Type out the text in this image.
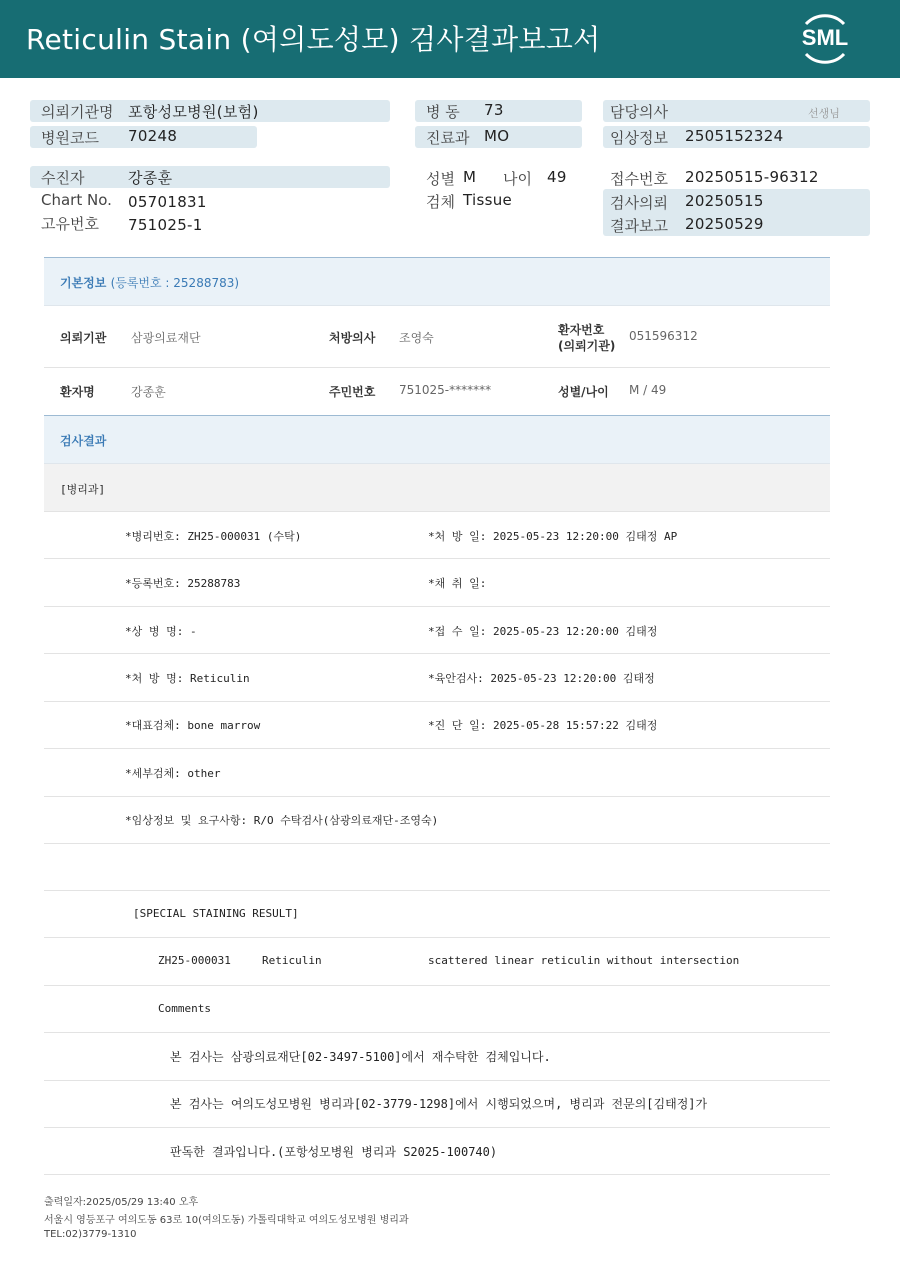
Reticulin Stain (여의도성모) 검사결과보고서	SML
의뢰기관명 포항성모병원(보험)
병원코드 70248
병 동 73
진료과 MO
담당의사	선생님
임상정보 2505152324
수진자	강종훈
Chart No. 05701831
고유번호 751025-1
성별 M 나이 49
검체 Tissue
접수번호 20250515-96312
검사의뢰 20250515
결과보고 20250529
기본정보 (등록번호 : 25288783)
의뢰기관 삼광의료재단	처방의사 조영숙
환자번호
(의뢰기관)
051596312
환자명	강종훈	주민번호 751025-*******	성별/나이 M / 49
검사결과
[병리과]
*병리번호: ZH25-000031 (수탁)	*처 방 일: 2025-05-23 12:20:00 김태정 AP
*등록번호: 25288783	*채 취 일:
*상 병 명: -	*접 수 일: 2025-05-23 12:20:00 김태정
*처 방 명: Reticulin	*육안검사: 2025-05-23 12:20:00 김태정
*대표검체: bone marrow	*진 단 일: 2025-05-28 15:57:22 김태정
*세부검체: other
*임상정보 및 요구사항: R/O 수탁검사(삼광의료재단-조영숙)
[SPECIAL STAINING RESULT]
ZH25-000031	Reticulin	scattered linear reticulin without intersection
Comments
본 검사는 삼광의료재단[02-3497-5100]에서 재수탁한 검체입니다.
본 검사는 여의도성모병원 병리과[02-3779-1298]에서 시행되었으며, 병리과 전문의[김태정]가
판독한 결과입니다.(포항성모병원 병리과 S2025-100740)
출력일자:2025/05/29 13:40 오후
서울시 영등포구 여의도동 63로 10(여의도동) 가톨릭대학교 여의도성모병원 병리과
TEL:02)3779-1310
